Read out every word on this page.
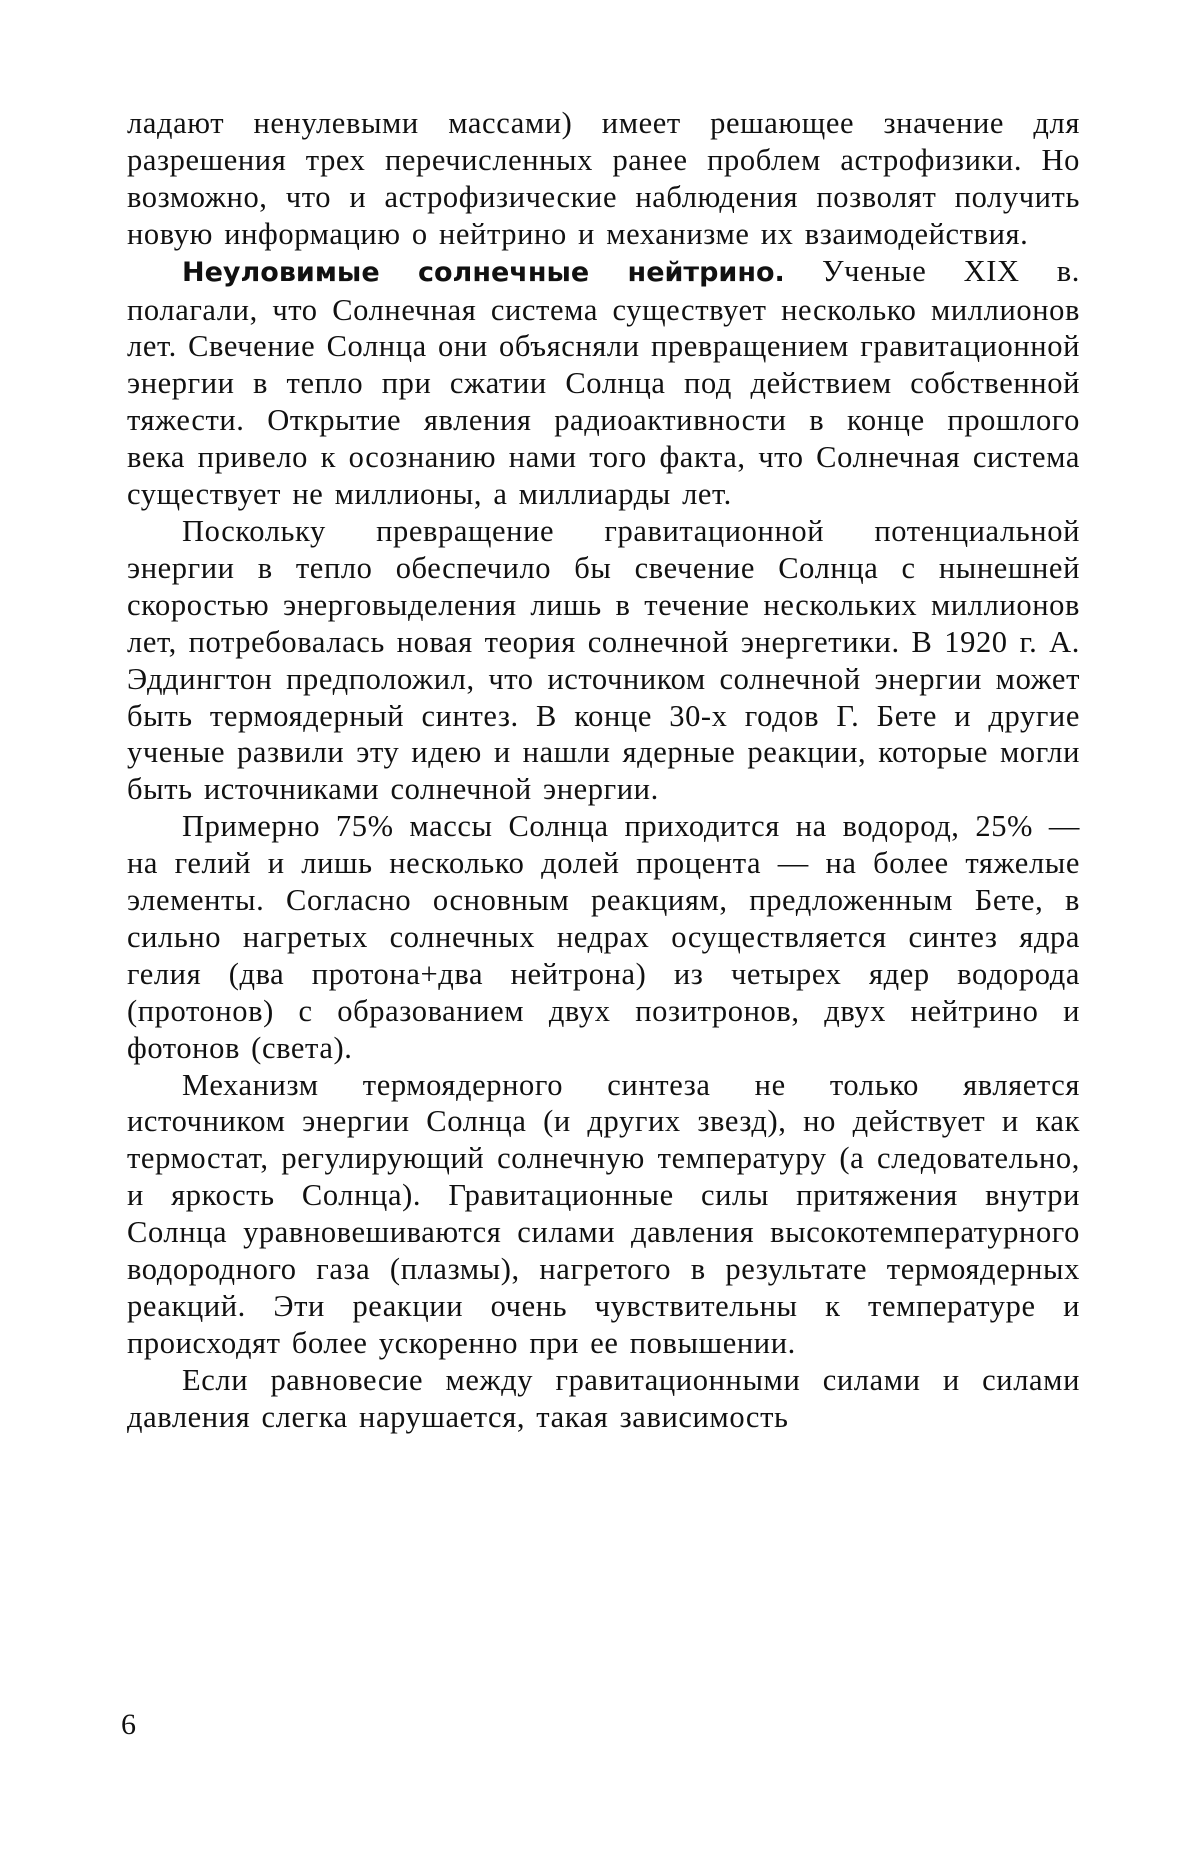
ладают ненулевыми массами) имеет решающее значение для разрешения трех перечисленных ранее проблем астрофизики. Но возможно, что и астрофизические наблюдения позволят получить новую информацию о нейтрино и механизме их взаимодействия.

Неуловимые солнечные нейтрино. Ученые XIX в. полагали, что Солнечная система существует несколько миллионов лет. Свечение Солнца они объясняли превращением гравитационной энергии в тепло при сжатии Солнца под действием собственной тяжести. Открытие явления радиоактивности в конце прошлого века привело к осознанию нами того факта, что Солнечная система существует не миллионы, а миллиарды лет.

Поскольку превращение гравитационной потенциальной энергии в тепло обеспечило бы свечение Солнца с нынешней скоростью энерговыделения лишь в течение нескольких миллионов лет, потребовалась новая теория солнечной энергетики. В 1920 г. А. Эддингтон предположил, что источником солнечной энергии может быть термоядерный синтез. В конце 30-х годов Г. Бете и другие ученые развили эту идею и нашли ядерные реакции, которые могли быть источниками солнечной энергии.

Примерно 75% массы Солнца приходится на водород, 25% — на гелий и лишь несколько долей процента — на более тяжелые элементы. Согласно основным реакциям, предложенным Бете, в сильно нагретых солнечных недрах осуществляется синтез ядра гелия (два протона+два нейтрона) из четырех ядер водорода (протонов) с образованием двух позитронов, двух нейтрино и фотонов (света).

Механизм термоядерного синтеза не только является источником энергии Солнца (и других звезд), но действует и как термостат, регулирующий солнечную температуру (а следовательно, и яркость Солнца). Гравитационные силы притяжения внутри Солнца уравновешиваются силами давления высокотемпературного водородного газа (плазмы), нагретого в результате термоядерных реакций. Эти реакции очень чувствительны к температуре и происходят более ускоренно при ее повышении.

Если равновесие между гравитационными силами и силами давления слегка нарушается, такая зависимость

6
